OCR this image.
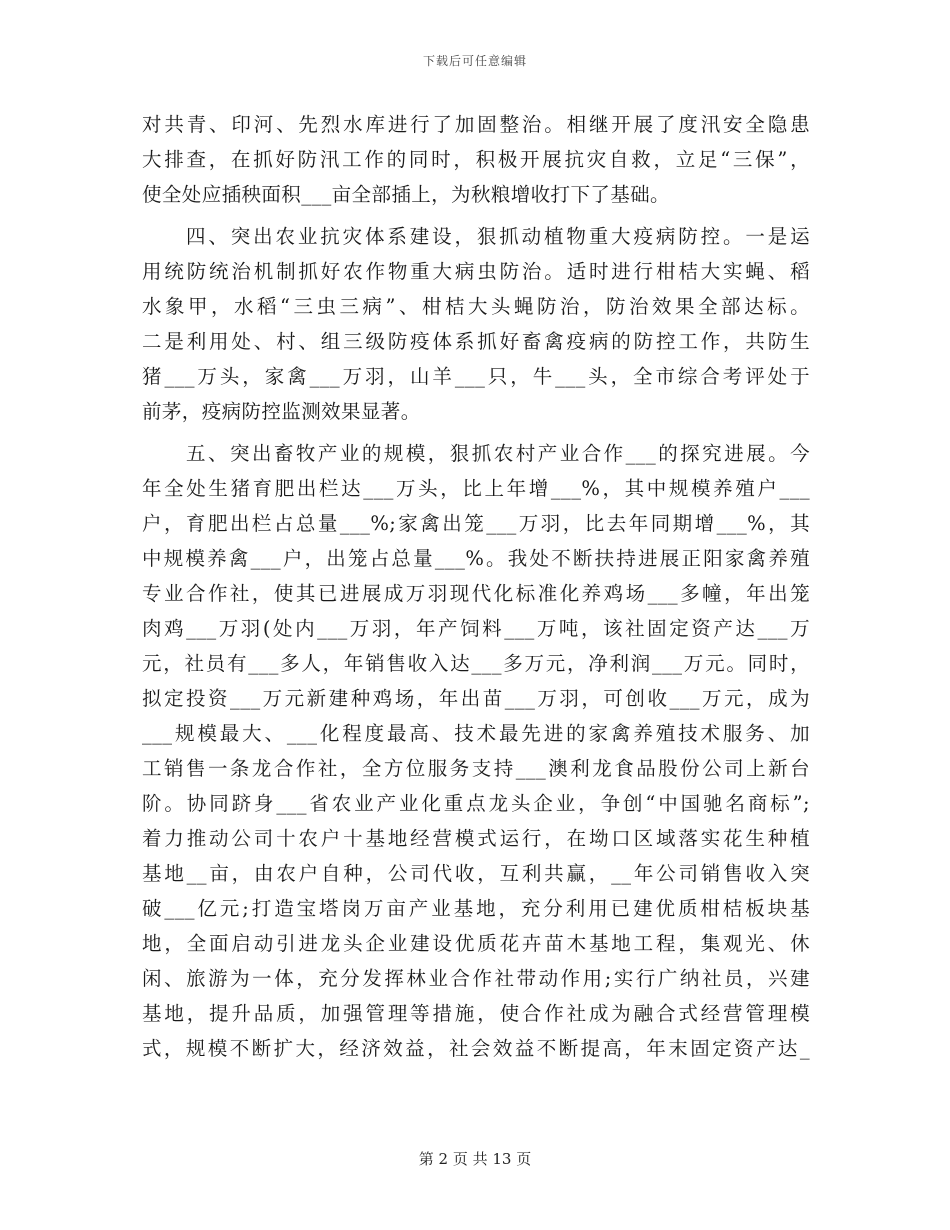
下载后可任意编辑
对共青、印河、先烈水库进行了加固整治。相继开展了度汛安全隐患
大排查，在抓好防汛工作的同时，积极开展抗灾自救，立足“三保”，
使全处应插秧面积___亩全部插上，为秋粮增收打下了基础。
四、突出农业抗灾体系建设，狠抓动植物重大疫病防控。一是运
用统防统治机制抓好农作物重大病虫防治。适时进行柑桔大实蝇、稻
水象甲，水稻“三虫三病”、柑桔大头蝇防治，防治效果全部达标。
二是利用处、村、组三级防疫体系抓好畜禽疫病的防控工作，共防生
猪___万头，家禽___万羽，山羊___只，牛___头，全市综合考评处于
前茅，疫病防控监测效果显著。
五、突出畜牧产业的规模，狠抓农村产业合作___的探究进展。今
年全处生猪育肥出栏达___万头，比上年增___%，其中规模养殖户___
户，育肥出栏占总量___%;家禽出笼___万羽，比去年同期增___%，其
中规模养禽___户，出笼占总量___%。我处不断扶持进展正阳家禽养殖
专业合作社，使其已进展成万羽现代化标准化养鸡场___多幢，年出笼
肉鸡___万羽(处内___万羽，年产饲料___万吨，该社固定资产达___万
元，社员有___多人，年销售收入达___多万元，净利润___万元。同时，
拟定投资___万元新建种鸡场，年出苗___万羽，可创收___万元，成为
___规模最大、___化程度最高、技术最先进的家禽养殖技术服务、加
工销售一条龙合作社，全方位服务支持___澳利龙食品股份公司上新台
阶。协同跻身___省农业产业化重点龙头企业，争创“中国驰名商标”;
着力推动公司十农户十基地经营模式运行，在坳口区域落实花生种植
基地__亩，由农户自种，公司代收，互利共赢，__年公司销售收入突
破___亿元;打造宝塔岗万亩产业基地，充分利用已建优质柑桔板块基
地，全面启动引进龙头企业建设优质花卉苗木基地工程，集观光、休
闲、旅游为一体，充分发挥林业合作社带动作用;实行广纳社员，兴建
基地，提升品质，加强管理等措施，使合作社成为融合式经营管理模
式，规模不断扩大，经济效益，社会效益不断提高，年末固定资产达_
第 2 页 共 13 页
